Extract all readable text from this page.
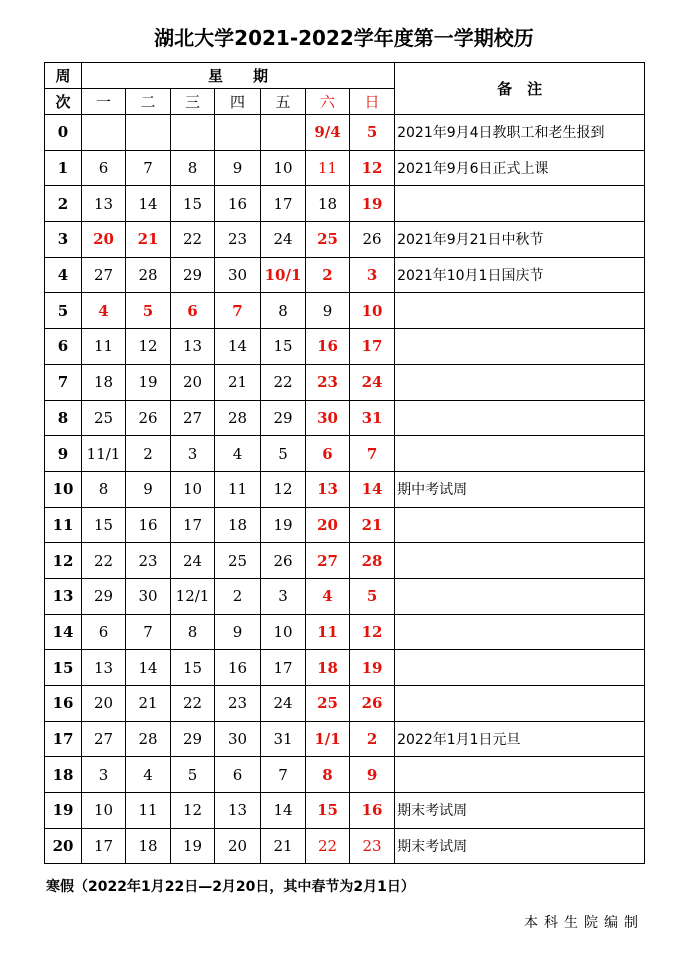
湖北大学2021-2022学年度第一学期校历
周	星　　期							备　注
次	一	二	三	四	五	六	日	
0						9/4	5	2021年9月4日教职工和老生报到
1	6	7	8	9	10	11	12	2021年9月6日正式上课
2	13	14	15	16	17	18	19	
3	20	21	22	23	24	25	26	2021年9月21日中秋节
4	27	28	29	30	10/1	2	3	2021年10月1日国庆节
5	4	5	6	7	8	9	10	
6	11	12	13	14	15	16	17	
7	18	19	20	21	22	23	24	
8	25	26	27	28	29	30	31	
9	11/1	2	3	4	5	6	7	
10	8	9	10	11	12	13	14	期中考试周
11	15	16	17	18	19	20	21	
12	22	23	24	25	26	27	28	
13	29	30	12/1	2	3	4	5	
14	6	7	8	9	10	11	12	
15	13	14	15	16	17	18	19	
16	20	21	22	23	24	25	26	
17	27	28	29	30	31	1/1	2	2022年1月1日元旦
18	3	4	5	6	7	8	9	
19	10	11	12	13	14	15	16	期末考试周
20	17	18	19	20	21	22	23	期末考试周
寒假（2022年1月22日—2月20日，其中春节为2月1日）
本科生院编制
